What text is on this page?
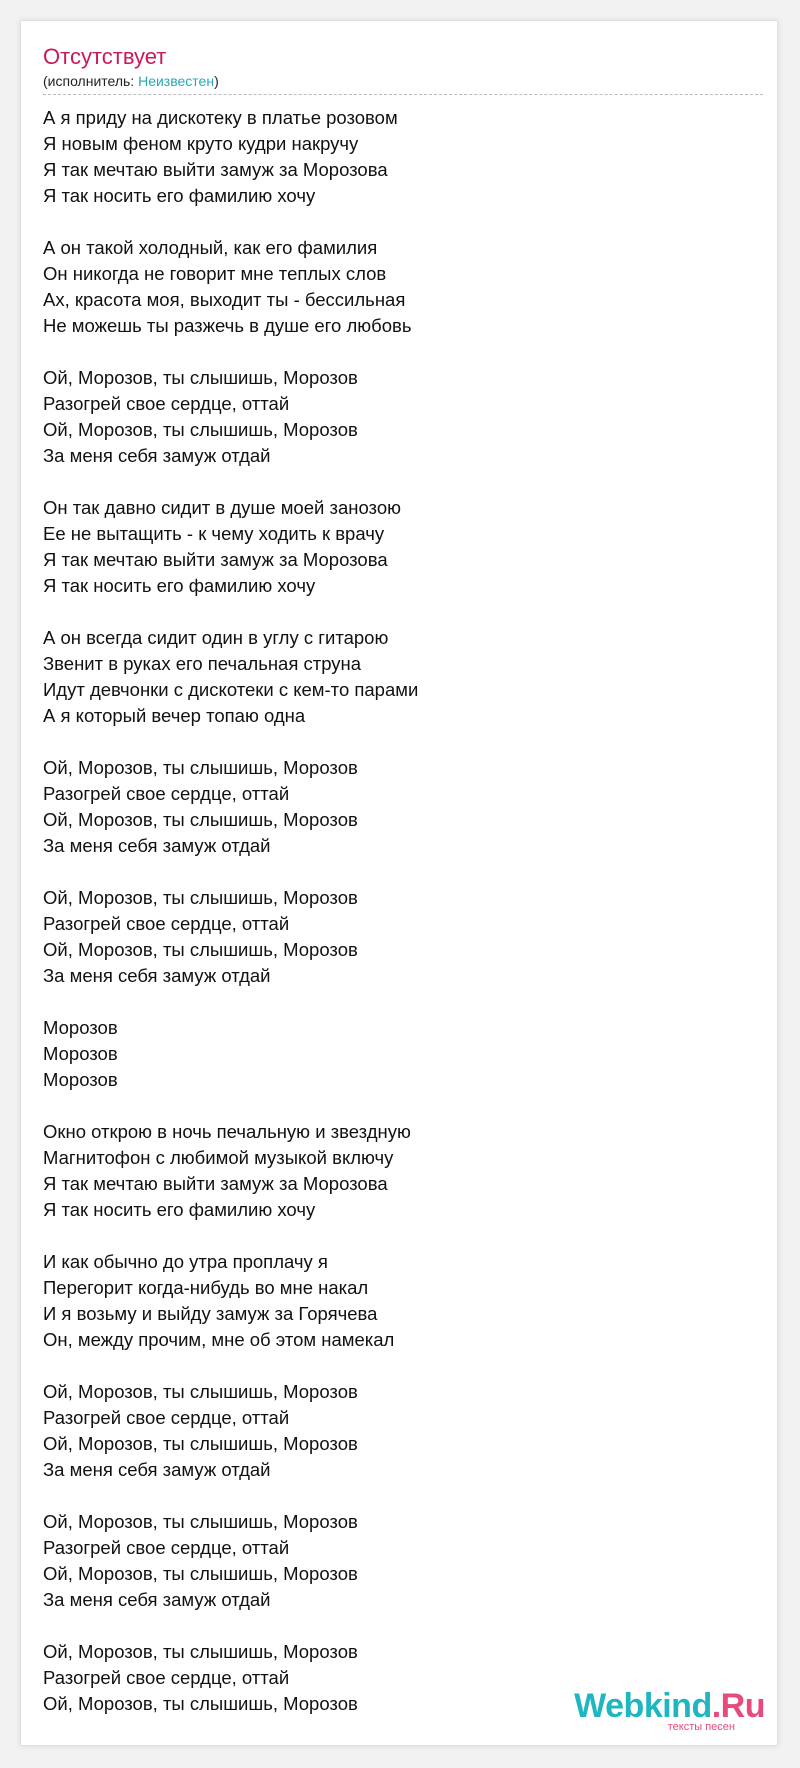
Отсутствует
(исполнитель: Неизвестен)
А я приду на дискотеку в платье розовом
Я новым феном круто кудри накручу
Я так мечтаю выйти замуж за Морозова
Я так носить его фамилию хочу
А он такой холодный, как его фамилия
Он никогда не говорит мне теплых слов
Ах, красота моя, выходит ты - бессильная
Не можешь ты разжечь в душе его любовь
Ой, Морозов, ты слышишь, Морозов
Разогрей свое сердце, оттай
Ой, Морозов, ты слышишь, Морозов
За меня себя замуж отдай
Он так давно сидит в душе моей занозою
Ее не вытащить - к чему ходить к врачу
Я так мечтаю выйти замуж за Морозова
Я так носить его фамилию хочу
А он всегда сидит один в углу с гитарою
Звенит в руках его печальная струна
Идут девчонки с дискотеки с кем-то парами
А я который вечер топаю одна
Ой, Морозов, ты слышишь, Морозов
Разогрей свое сердце, оттай
Ой, Морозов, ты слышишь, Морозов
За меня себя замуж отдай
Ой, Морозов, ты слышишь, Морозов
Разогрей свое сердце, оттай
Ой, Морозов, ты слышишь, Морозов
За меня себя замуж отдай
Морозов
Морозов
Морозов
Окно открою в ночь печальную и звездную
Магнитофон с любимой музыкой включу
Я так мечтаю выйти замуж за Морозова
Я так носить его фамилию хочу
И как обычно до утра проплачу я
Перегорит когда-нибудь во мне накал
И я возьму и выйду замуж за Горячева
Он, между прочим, мне об этом намекал
Ой, Морозов, ты слышишь, Морозов
Разогрей свое сердце, оттай
Ой, Морозов, ты слышишь, Морозов
За меня себя замуж отдай
Ой, Морозов, ты слышишь, Морозов
Разогрей свое сердце, оттай
Ой, Морозов, ты слышишь, Морозов
За меня себя замуж отдай
Ой, Морозов, ты слышишь, Морозов
Разогрей свое сердце, оттай
Ой, Морозов, ты слышишь, Морозов	Webkind.Ru
тексты песен
